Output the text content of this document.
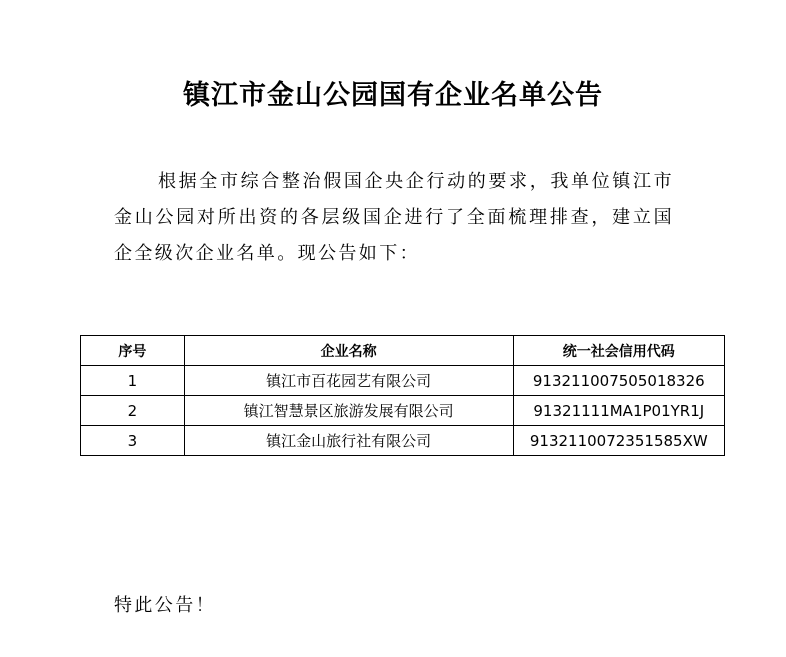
镇江市金山公园国有企业名单公告

根据全市综合整治假国企央企行动的要求，我单位镇江市金山公园对所出资的各层级国企进行了全面梳理排查，建立国企全级次企业名单。现公告如下：

序号	企业名称	统一社会信用代码
1	镇江市百花园艺有限公司	913211007505018326
2	镇江智慧景区旅游发展有限公司	91321111MA1P01YR1J
3	镇江金山旅行社有限公司	9132110072351585XW
特此公告！
